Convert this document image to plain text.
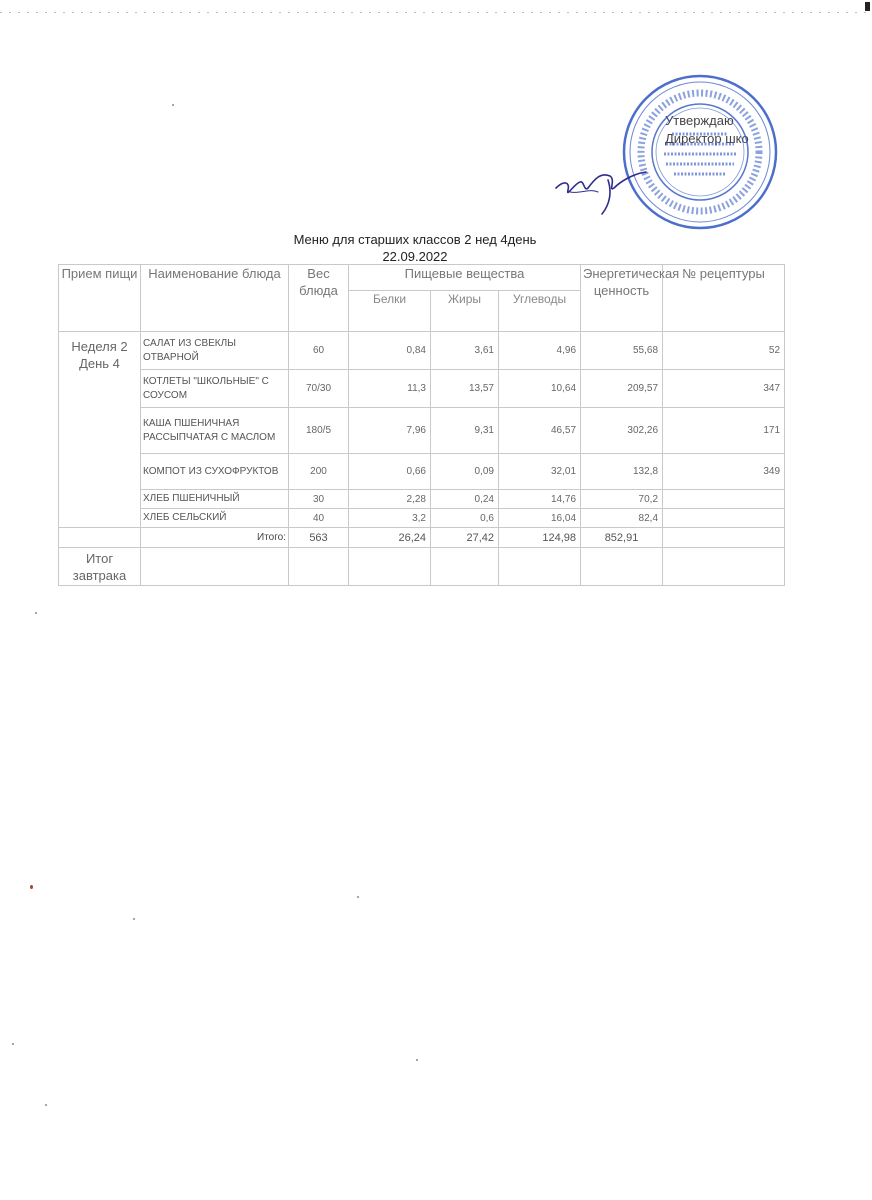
Утверждаю
Директор шко
Меню для старших классов 2 нед 4день
22.09.2022
Прием пищи	Наименование блюда	Вес блюда	Пищевые вещества			Энергетическая ценность	№ рецептуры
			Белки	Жиры	Углеводы		
Неделя 2 День 4	САЛАТ ИЗ СВЕКЛЫ ОТВАРНОЙ	60	0,84	3,61	4,96	55,68	52
	КОТЛЕТЫ "ШКОЛЬНЫЕ" С СОУСОМ	70/30	11,3	13,57	10,64	209,57	347
	КАША ПШЕНИЧНАЯ РАССЫПЧАТАЯ С МАСЛОМ	180/5	7,96	9,31	46,57	302,26	171
	КОМПОТ ИЗ СУХОФРУКТОВ	200	0,66	0,09	32,01	132,8	349
	ХЛЕБ ПШЕНИЧНЫЙ	30	2,28	0,24	14,76	70,2	
	ХЛЕБ СЕЛЬСКИЙ	40	3,2	0,6	16,04	82,4	
	Итого:	563	26,24	27,42	124,98	852,91	
Итог завтрака							
